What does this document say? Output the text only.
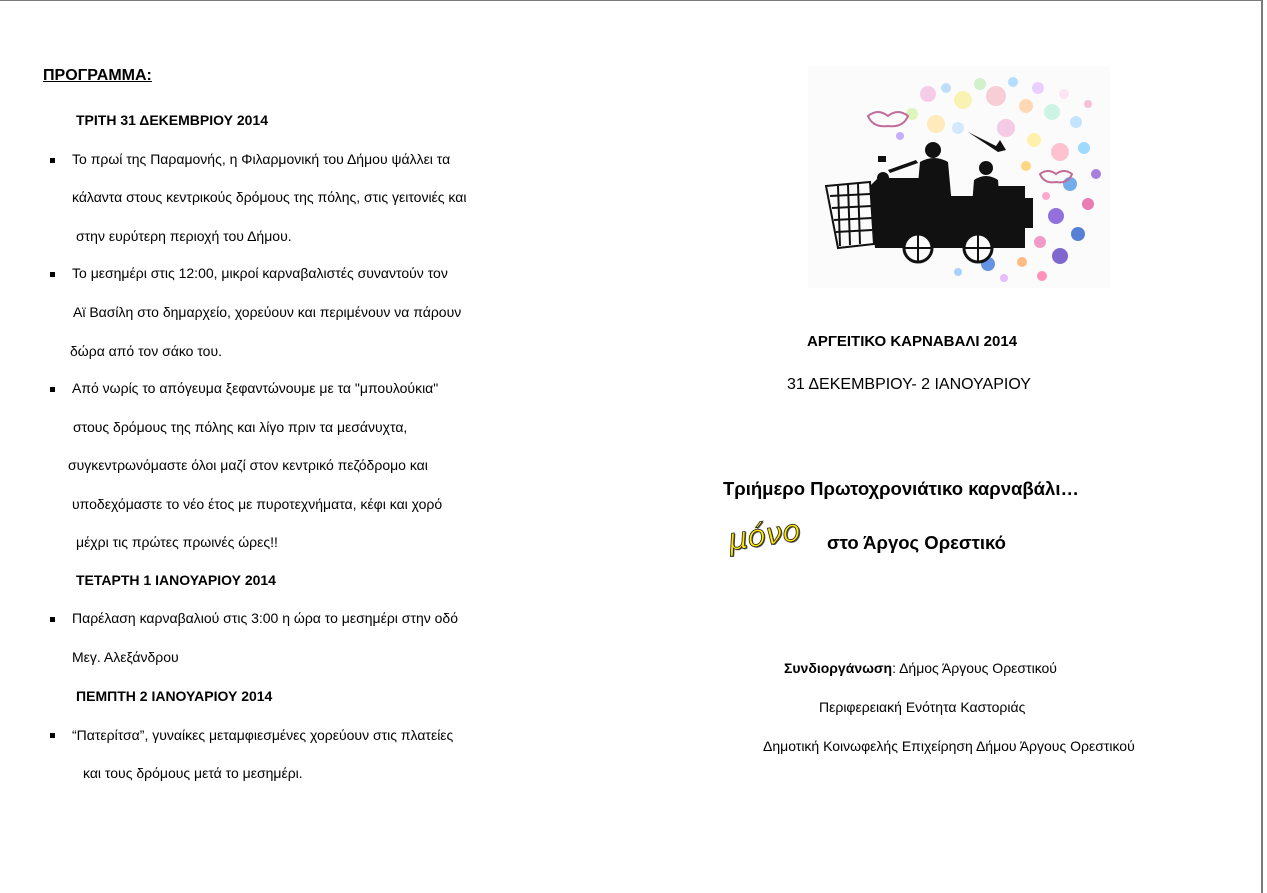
ΠΡΟΓΡΑΜΜΑ:
ΤΡΙΤΗ 31 ΔΕΚΕΜΒΡΙΟΥ 2014
Το πρωί της Παραμονής, η Φιλαρμονική του Δήμου ψάλλει τα
κάλαντα στους κεντρικούς δρόμους της πόλης, στις γειτονιές και
στην ευρύτερη περιοχή του Δήμου.
Το μεσημέρι στις 12:00, μικροί καρναβαλιστές συναντούν τον
Αϊ Βασίλη στο δημαρχείο, χορεύουν και περιμένουν να πάρουν
δώρα από τον σάκο του.
Από νωρίς το απόγευμα ξεφαντώνουμε με τα "μπουλούκια"
στους δρόμους της πόλης και λίγο πριν τα μεσάνυχτα,
συγκεντρωνόμαστε όλοι μαζί στον κεντρικό πεζόδρομο και
υποδεχόμαστε το νέο έτος με πυροτεχνήματα, κέφι και χορό
μέχρι τις πρώτες πρωινές ώρες!!
ΤΕΤΑΡΤΗ 1 ΙΑΝΟΥΑΡΙΟΥ 2014
Παρέλαση καρναβαλιού στις 3:00 η ώρα το μεσημέρι στην οδό
Μεγ. Αλεξάνδρου
ΠΕΜΠΤΗ 2 ΙΑΝΟΥΑΡΙΟΥ 2014
“Πατερίτσα”, γυναίκες μεταμφιεσμένες χορεύουν στις πλατείες
και τους δρόμους μετά το μεσημέρι.
ΑΡΓΕΙΤΙΚΟ ΚΑΡΝΑΒΑΛΙ 2014
31 ΔΕΚΕΜΒΡΙΟΥ- 2 ΙΑΝΟΥΑΡΙΟΥ
Τριήμερο Πρωτοχρονιάτικο καρναβάλι…
μόνο στο Άργος Ορεστικό
Συνδιοργάνωση: Δήμος Άργους Ορεστικού
Περιφερειακή Ενότητα Καστοριάς
Δημοτική Κοινωφελής Επιχείρηση Δήμου Άργους Ορεστικού
